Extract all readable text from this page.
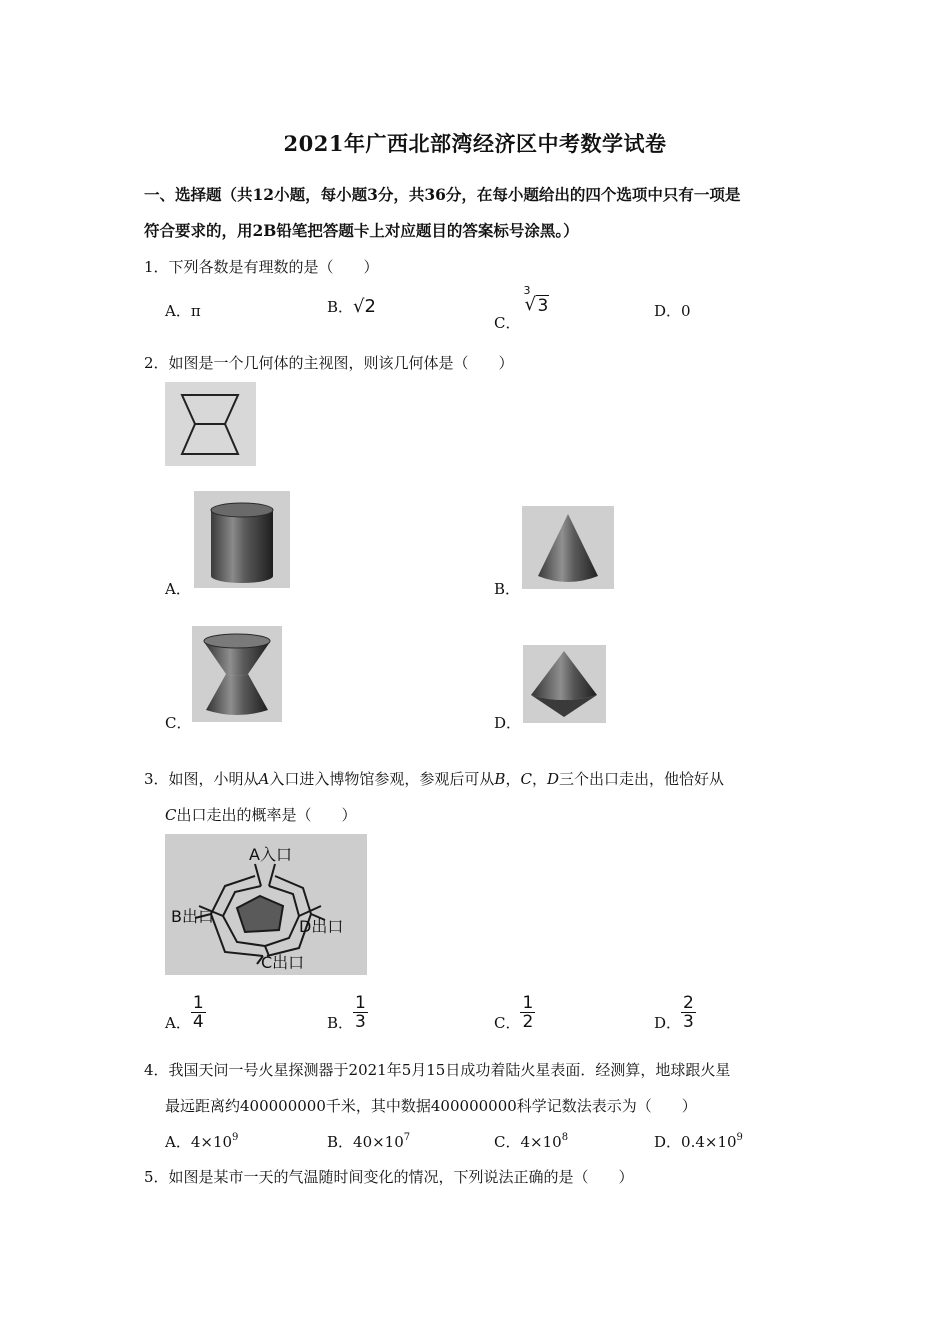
2021年广西北部湾经济区中考数学试卷
一、选择题（共12小题，每小题3分，共36分，在每小题给出的四个选项中只有一项是
符合要求的，用2B铅笔把答题卡上对应题目的答案标号涂黑。）
1．下列各数是有理数的是（　　）
A．π	B．√2
C．
3
√ 3	D．0
2．如图是一个几何体的主视图，则该几何体是（　　）
A．	B．
C．	D．
3．如图，小明从A入口进入博物馆参观，参观后可从B，C，D三个出口走出，他恰好从
C出口走出的概率是（　　）
A入口
B出口
D出口
C出口
A． $\frac{1}{4}$	B． $\frac{1}{3}$	C． $\frac{1}{2}$	D． $\frac{2}{3}$
4．我国天问一号火星探测器于2021年5月15日成功着陆火星表面．经测算，地球跟火星
最远距离约400000000千米，其中数据400000000科学记数法表示为（　　）
A．$4\times 10^9$	B．$40\times 10^7$	C．$4\times 10^8$	D．$0.4\times 10^9$
5．如图是某市一天的气温随时间变化的情况，下列说法正确的是（　　）
